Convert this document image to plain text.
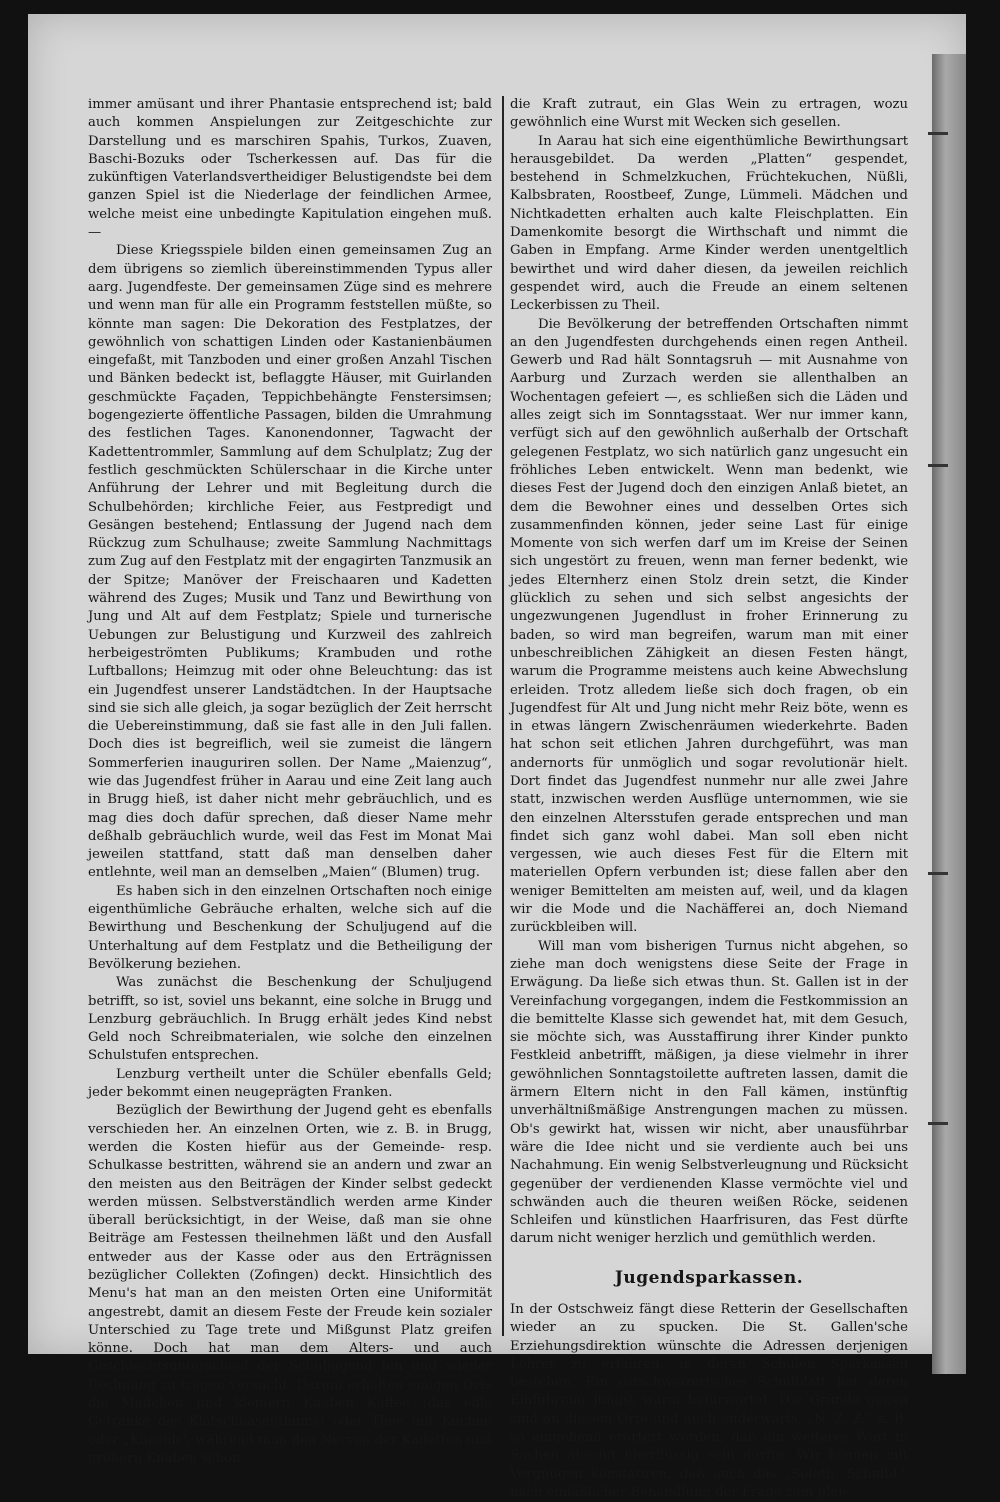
immer amüsant und ihrer Phantasie entsprechend ist; bald auch kommen Anspielungen zur Zeitgeschichte zur Darstellung und es marschiren Spahis, Turkos, Zuaven, Baschi-Bozuks oder Tscherkessen auf. Das für die zukünftigen Vaterlandsvertheidiger Belustigendste bei dem ganzen Spiel ist die Niederlage der feindlichen Armee, welche meist eine unbedingte Kapitulation eingehen muß. —

Diese Kriegsspiele bilden einen gemeinsamen Zug an dem übrigens so ziemlich übereinstimmenden Typus aller aarg. Jugendfeste. Der gemeinsamen Züge sind es mehrere und wenn man für alle ein Programm feststellen müßte, so könnte man sagen: Die Dekoration des Festplatzes, der gewöhnlich von schattigen Linden oder Kastanienbäumen eingefaßt, mit Tanzboden und einer großen Anzahl Tischen und Bänken bedeckt ist, beflaggte Häuser, mit Guirlanden geschmückte Façaden, Teppichbehängte Fenstersimsen; bogengezierte öffentliche Passagen, bilden die Umrahmung des festlichen Tages. Kanonendonner, Tagwacht der Kadettentrommler, Sammlung auf dem Schulplatz; Zug der festlich geschmückten Schülerschaar in die Kirche unter Anführung der Lehrer und mit Begleitung durch die Schulbehörden; kirchliche Feier, aus Festpredigt und Gesängen bestehend; Entlassung der Jugend nach dem Rückzug zum Schulhause; zweite Sammlung Nachmittags zum Zug auf den Festplatz mit der engagirten Tanzmusik an der Spitze; Manöver der Freischaaren und Kadetten während des Zuges; Musik und Tanz und Bewirthung von Jung und Alt auf dem Festplatz; Spiele und turnerische Uebungen zur Belustigung und Kurzweil des zahlreich herbeigeströmten Publikums; Krambuden und rothe Luftballons; Heimzug mit oder ohne Beleuchtung: das ist ein Jugendfest unserer Landstädtchen. In der Hauptsache sind sie sich alle gleich, ja sogar bezüglich der Zeit herrscht die Uebereinstimmung, daß sie fast alle in den Juli fallen. Doch dies ist begreiflich, weil sie zumeist die längern Sommerferien inauguriren sollen. Der Name „Maienzug“, wie das Jugendfest früher in Aarau und eine Zeit lang auch in Brugg hieß, ist daher nicht mehr gebräuchlich, und es mag dies doch dafür sprechen, daß dieser Name mehr deßhalb gebräuchlich wurde, weil das Fest im Monat Mai jeweilen stattfand, statt daß man denselben daher entlehnte, weil man an demselben „Maien“ (Blumen) trug.

Es haben sich in den einzelnen Ortschaften noch einige eigenthümliche Gebräuche erhalten, welche sich auf die Bewirthung und Beschenkung der Schuljugend auf die Unterhaltung auf dem Festplatz und die Betheiligung der Bevölkerung beziehen.

Was zunächst die Beschenkung der Schuljugend betrifft, so ist, soviel uns bekannt, eine solche in Brugg und Lenzburg gebräuchlich. In Brugg erhält jedes Kind nebst Geld noch Schreibmaterialen, wie solche den einzelnen Schulstufen entsprechen.

Lenzburg vertheilt unter die Schüler ebenfalls Geld; jeder bekommt einen neugeprägten Franken.

Bezüglich der Bewirthung der Jugend geht es ebenfalls verschieden her. An einzelnen Orten, wie z. B. in Brugg, werden die Kosten hiefür aus der Gemeinde- resp. Schulkasse bestritten, während sie an andern und zwar an den meisten aus den Beiträgen der Kinder selbst gedeckt werden müssen. Selbstverständlich werden arme Kinder überall berücksichtigt, in der Weise, daß man sie ohne Beiträge am Festessen theilnehmen läßt und den Ausfall entweder aus der Kasse oder aus den Erträgnissen bezüglicher Collekten (Zofingen) deckt. Hinsichtlich des Menu's hat man an den meisten Orten eine Uniformität angestrebt, damit an diesem Feste der Freude kein sozialer Unterschied zu Tage trete und Mißgunst Platz greifen könne. Doch hat man dem Alters- und auch Geschlechtsunterschied der Schuljugend hin und wieder Rechnung zu tragen versucht. Darum erhalten einigen Orts die Mädchen und kleinern Knaben Kaffee (das edle Getränke des Klatschbasenthums) oder Thee mit Kuchen oder „Küechli“, während man den Nerven der Kadetten und größern Knaben schon

die Kraft zutraut, ein Glas Wein zu ertragen, wozu gewöhnlich eine Wurst mit Wecken sich gesellen.

In Aarau hat sich eine eigenthümliche Bewirthungsart herausgebildet. Da werden „Platten“ gespendet, bestehend in Schmelzkuchen, Früchtekuchen, Nüßli, Kalbsbraten, Roostbeef, Zunge, Lümmeli. Mädchen und Nichtkadetten erhalten auch kalte Fleischplatten. Ein Damenkomite besorgt die Wirthschaft und nimmt die Gaben in Empfang. Arme Kinder werden unentgeltlich bewirthet und wird daher diesen, da jeweilen reichlich gespendet wird, auch die Freude an einem seltenen Leckerbissen zu Theil.

Die Bevölkerung der betreffenden Ortschaften nimmt an den Jugendfesten durchgehends einen regen Antheil. Gewerb und Rad hält Sonntagsruh — mit Ausnahme von Aarburg und Zurzach werden sie allenthalben an Wochentagen gefeiert —, es schließen sich die Läden und alles zeigt sich im Sonntagsstaat. Wer nur immer kann, verfügt sich auf den gewöhnlich außerhalb der Ortschaft gelegenen Festplatz, wo sich natürlich ganz ungesucht ein fröhliches Leben entwickelt. Wenn man bedenkt, wie dieses Fest der Jugend doch den einzigen Anlaß bietet, an dem die Bewohner eines und desselben Ortes sich zusammenfinden können, jeder seine Last für einige Momente von sich werfen darf um im Kreise der Seinen sich ungestört zu freuen, wenn man ferner bedenkt, wie jedes Elternherz einen Stolz drein setzt, die Kinder glücklich zu sehen und sich selbst angesichts der ungezwungenen Jugendlust in froher Erinnerung zu baden, so wird man begreifen, warum man mit einer unbeschreiblichen Zähigkeit an diesen Festen hängt, warum die Programme meistens auch keine Abwechslung erleiden. Trotz alledem ließe sich doch fragen, ob ein Jugendfest für Alt und Jung nicht mehr Reiz böte, wenn es in etwas längern Zwischenräumen wiederkehrte. Baden hat schon seit etlichen Jahren durchgeführt, was man andernorts für unmöglich und sogar revolutionär hielt. Dort findet das Jugendfest nunmehr nur alle zwei Jahre statt, inzwischen werden Ausflüge unternommen, wie sie den einzelnen Altersstufen gerade entsprechen und man findet sich ganz wohl dabei. Man soll eben nicht vergessen, wie auch dieses Fest für die Eltern mit materiellen Opfern verbunden ist; diese fallen aber den weniger Bemittelten am meisten auf, weil, und da klagen wir die Mode und die Nachäfferei an, doch Niemand zurückbleiben will.

Will man vom bisherigen Turnus nicht abgehen, so ziehe man doch wenigstens diese Seite der Frage in Erwägung. Da ließe sich etwas thun. St. Gallen ist in der Vereinfachung vorgegangen, indem die Festkommission an die bemittelte Klasse sich gewendet hat, mit dem Gesuch, sie möchte sich, was Ausstaffirung ihrer Kinder punkto Festkleid anbetrifft, mäßigen, ja diese vielmehr in ihrer gewöhnlichen Sonntagstoilette auftreten lassen, damit die ärmern Eltern nicht in den Fall kämen, instünftig unverhältnißmäßige Anstrengungen machen zu müssen. Ob's gewirkt hat, wissen wir nicht, aber unausführbar wäre die Idee nicht und sie verdiente auch bei uns Nachahmung. Ein wenig Selbstverleugnung und Rücksicht gegenüber der verdienenden Klasse vermöchte viel und schwänden auch die theuren weißen Röcke, seidenen Schleifen und künstlichen Haarfrisuren, das Fest dürfte darum nicht weniger herzlich und gemüthlich werden.

Jugendsparkassen.

In der Ostschweiz fängt diese Retterin der Gesellschaften wieder an zu spucken. Die St. Gallen'sche Erziehungsdirektion wünschte die Adressen derjenigen Lehrer zu erfahren, in deren Schulen Sparkassen bestehen. Ein ostschweizerisches Schulblatt hat deren Einführung jüngst warm befürwortet. Die Gründe gegen sind an diesem Orte und auch anderwärts, „N. Z. Z.“ z. B. so eingehend erörtert worden, daß ein weiteres Wort in Sachen absolut überflüssig sein dürfte. Wir können mit Vergnügen konstatiren, daß auch das „Soloth. Schulbl.“ nach einläßlicher Behandlung der Frage zum glei-
